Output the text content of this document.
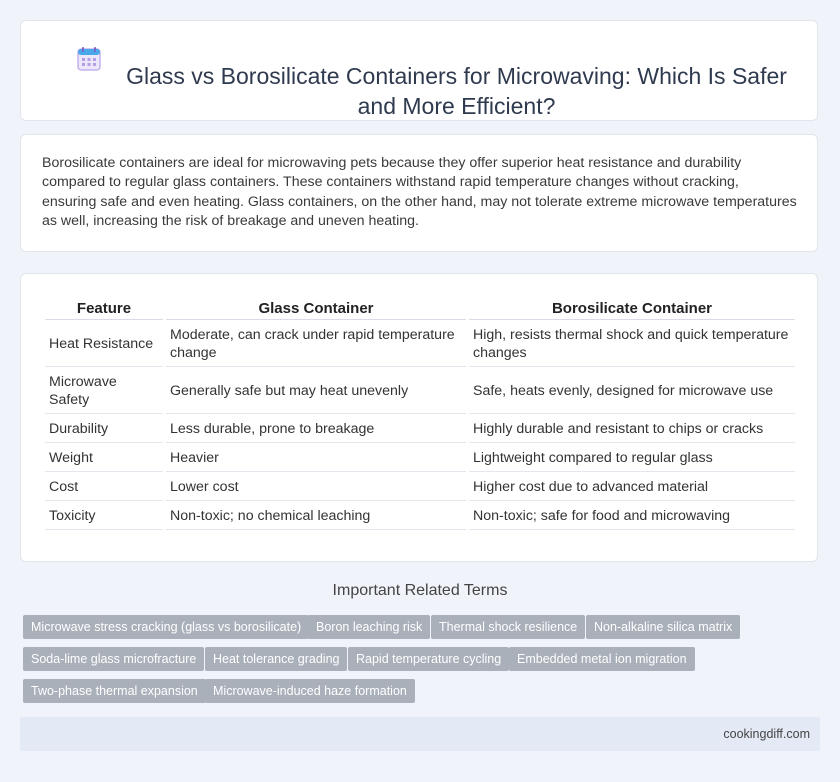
Glass vs Borosilicate Containers for Microwaving: Which Is Safer and More Efficient?

Borosilicate containers are ideal for microwaving pets because they offer superior heat resistance and durability compared to regular glass containers. These containers withstand rapid temperature changes without cracking, ensuring safe and even heating. Glass containers, on the other hand, may not tolerate extreme microwave temperatures as well, increasing the risk of breakage and uneven heating.

Feature	Glass Container	Borosilicate Container
Heat Resistance	Moderate, can crack under rapid temperature change	High, resists thermal shock and quick temperature changes
Microwave Safety	Generally safe but may heat unevenly	Safe, heats evenly, designed for microwave use
Durability	Less durable, prone to breakage	Highly durable and resistant to chips or cracks
Weight	Heavier	Lightweight compared to regular glass
Cost	Lower cost	Higher cost due to advanced material
Toxicity	Non-toxic; no chemical leaching	Non-toxic; safe for food and microwaving
Important Related Terms
Microwave stress cracking (glass vs borosilicate)	Boron leaching risk	Thermal shock resilience	Non-alkaline silica matrix
Soda-lime glass microfracture	Heat tolerance grading	Rapid temperature cycling	Embedded metal ion migration
Two-phase thermal expansion	Microwave-induced haze formation
cookingdiff.com
